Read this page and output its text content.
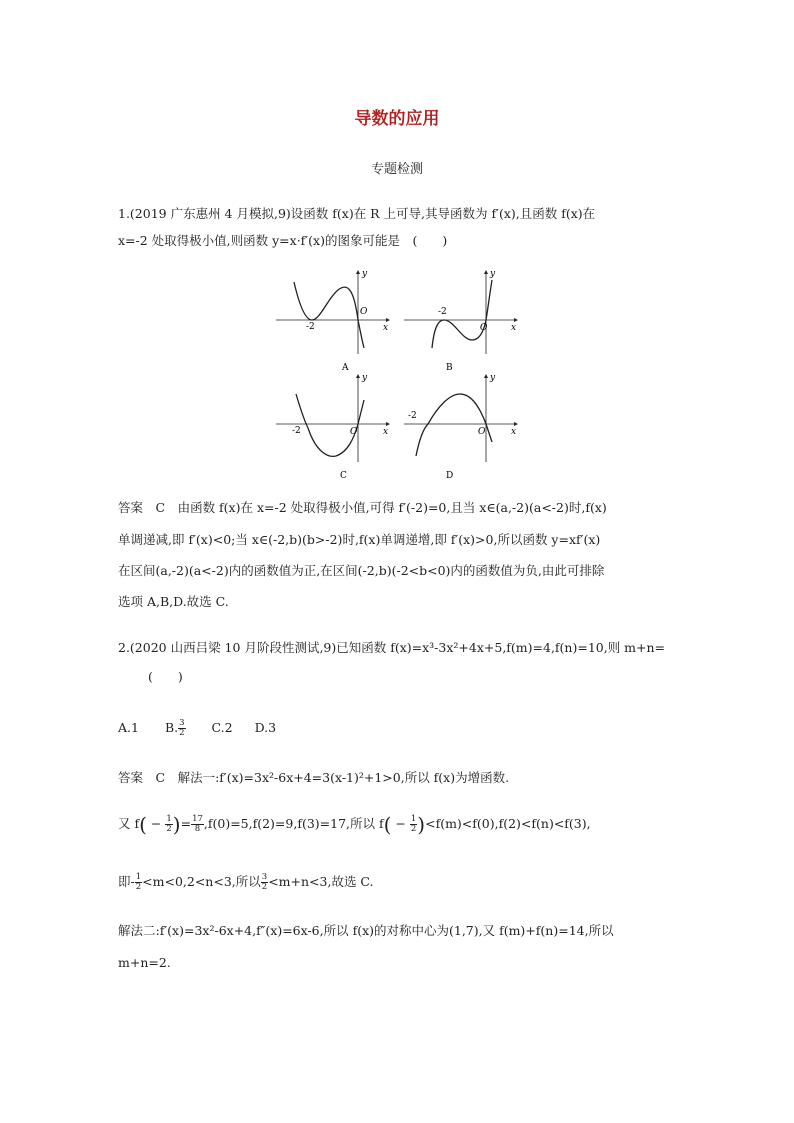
导数的应用
专题检测
1.(2019 广东惠州 4 月模拟,9)设函数 f(x)在 R 上可导,其导函数为 f′(x),且函数 f(x)在
x=-2 处取得极小值,则函数 y=x·f′(x)的图象可能是　(　　)
-2
O
x
y
A
-2
O	x
y
B
-2	O	x
y
C
-2
O	x
y
D
答案　C　由函数 f(x)在 x=-2 处取得极小值,可得 f′(-2)=0,且当 x∈(a,-2)(a<-2)时,f(x)
单调递减,即 f′(x)<0;当 x∈(-2,b)(b>-2)时,f(x)单调递增,即 f′(x)>0,所以函数 y=xf′(x)
在区间(a,-2)(a<-2)内的函数值为正,在区间(-2,b)(-2<b<0)内的函数值为负,由此可排除
选项 A,B,D.故选 C.
2.(2020 山西吕梁 10 月阶段性测试,9)已知函数 f(x)=x³-3x²+4x+5,f(m)=4,f(n)=10,则 m+n=
(　　)
A.1 B. $\frac{3}{2} C.2$ D.3
答案　C　解法一:f′(x)=3x²-6x+4=3(x-1)²+1>0,所以 f(x)为增函数.
又 $f( - \frac{1}{2}$ )= $\frac{17}{8} ,f(0)=5,f(2)=9,f(3)=17$,所以 $f( - \frac{1}{2} )<f(m)<f(0),f(2)<f(n)<f(3)$,
即- $\frac{1}{2} <m<0,2<n<3$,所以 $\frac{3}{2} <m+n<3$,故选 C.
解法二:f′(x)=3x²-6x+4,f″(x)=6x-6,所以 f(x)的对称中心为(1,7),又 f(m)+f(n)=14,所以
m+n=2.
